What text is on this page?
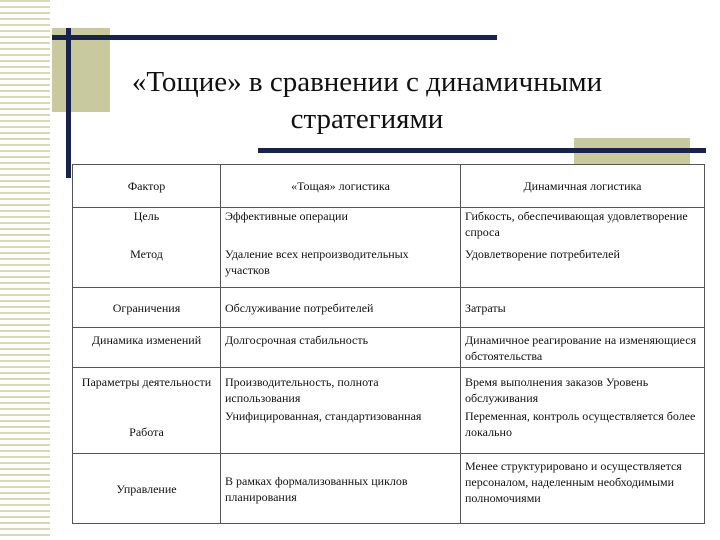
«Тощие» в сравнении с динамичными
стратегиями
Фактор	«Тощая» логистика	Динамичная логистика
Цель	Эффективные операции	Гибкость, обеспечивающая удовлетворение спроса
Метод	Удаление всех непроизводительных участков	Удовлетворение потребителей
Ограничения	Обслуживание потребителей	Затраты
Динамика изменений	Долгосрочная стабильность	Динамичное реагирование на изменяющиеся обстоятельства
Параметры деятельности	Производительность, полнота использования	Время выполнения заказов Уровень обслуживания
Работа	Унифицированная, стандартизованная	Переменная, контроль осуществляется более локально
Управление	В рамках формализованных циклов планирования	Менее структурировано и осуществляется персоналом, наделенным необходимыми полномочиями
